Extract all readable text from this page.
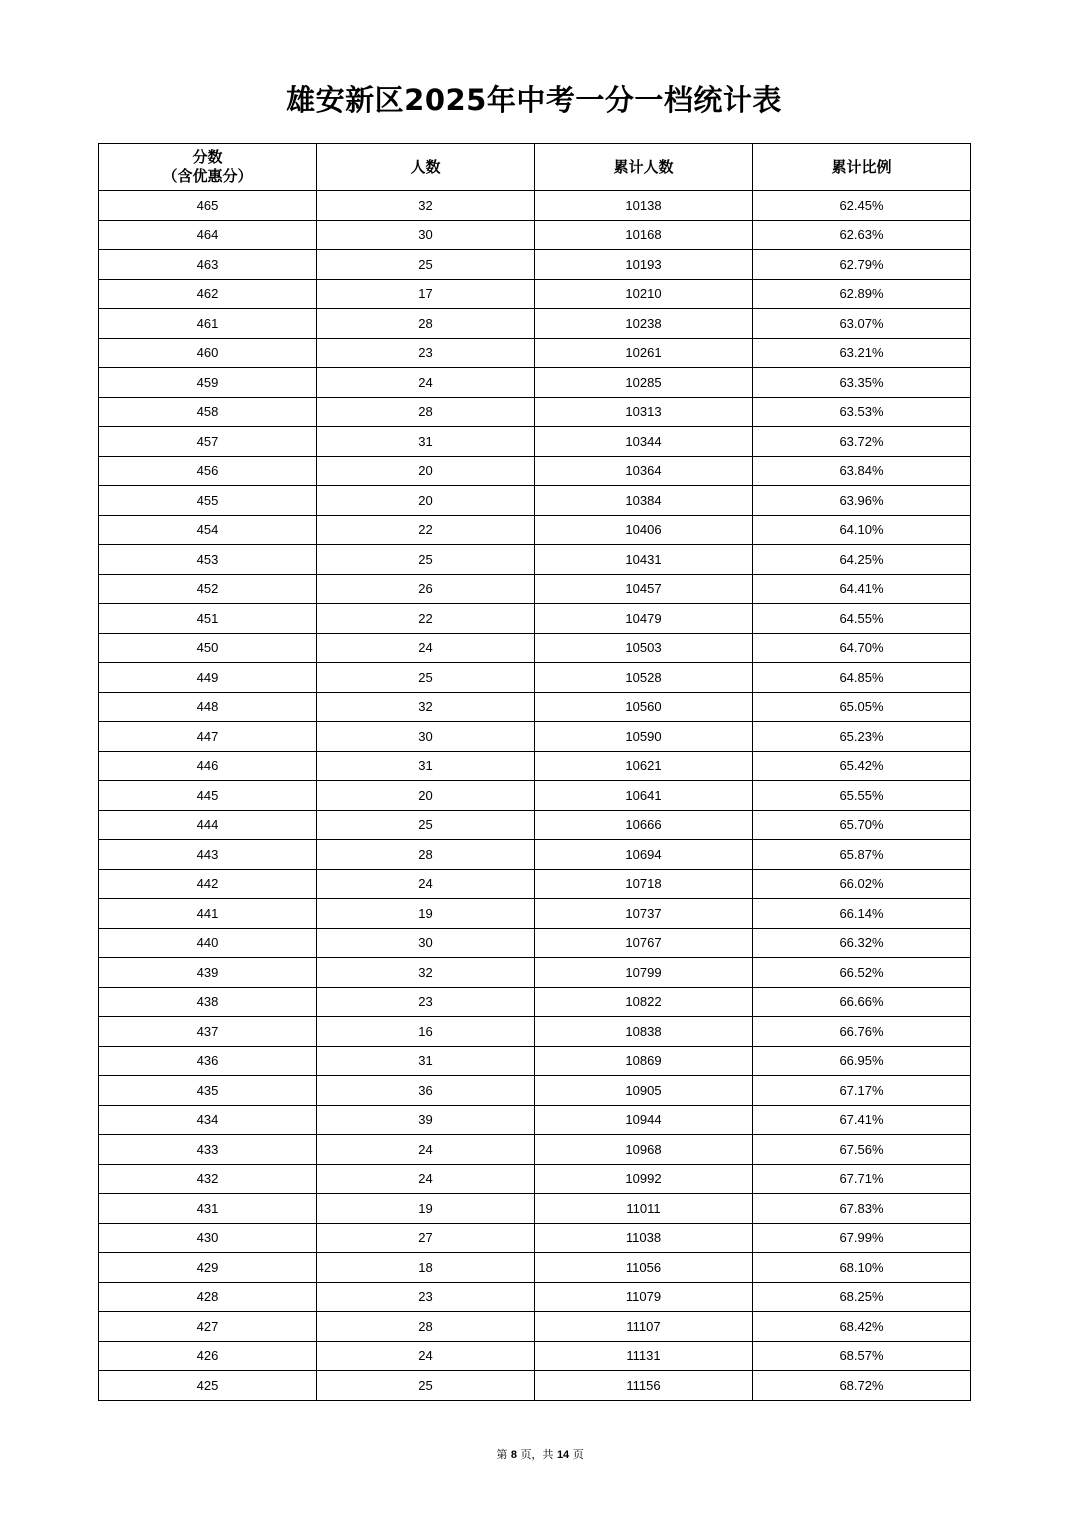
雄安新区2025年中考一分一档统计表
分数
（含优惠分）	人数	累计人数	累计比例
465	32	10138	62.45%
464	30	10168	62.63%
463	25	10193	62.79%
462	17	10210	62.89%
461	28	10238	63.07%
460	23	10261	63.21%
459	24	10285	63.35%
458	28	10313	63.53%
457	31	10344	63.72%
456	20	10364	63.84%
455	20	10384	63.96%
454	22	10406	64.10%
453	25	10431	64.25%
452	26	10457	64.41%
451	22	10479	64.55%
450	24	10503	64.70%
449	25	10528	64.85%
448	32	10560	65.05%
447	30	10590	65.23%
446	31	10621	65.42%
445	20	10641	65.55%
444	25	10666	65.70%
443	28	10694	65.87%
442	24	10718	66.02%
441	19	10737	66.14%
440	30	10767	66.32%
439	32	10799	66.52%
438	23	10822	66.66%
437	16	10838	66.76%
436	31	10869	66.95%
435	36	10905	67.17%
434	39	10944	67.41%
433	24	10968	67.56%
432	24	10992	67.71%
431	19	11011	67.83%
430	27	11038	67.99%
429	18	11056	68.10%
428	23	11079	68.25%
427	28	11107	68.42%
426	24	11131	68.57%
425	25	11156	68.72%
第 8 页，共 14 页
